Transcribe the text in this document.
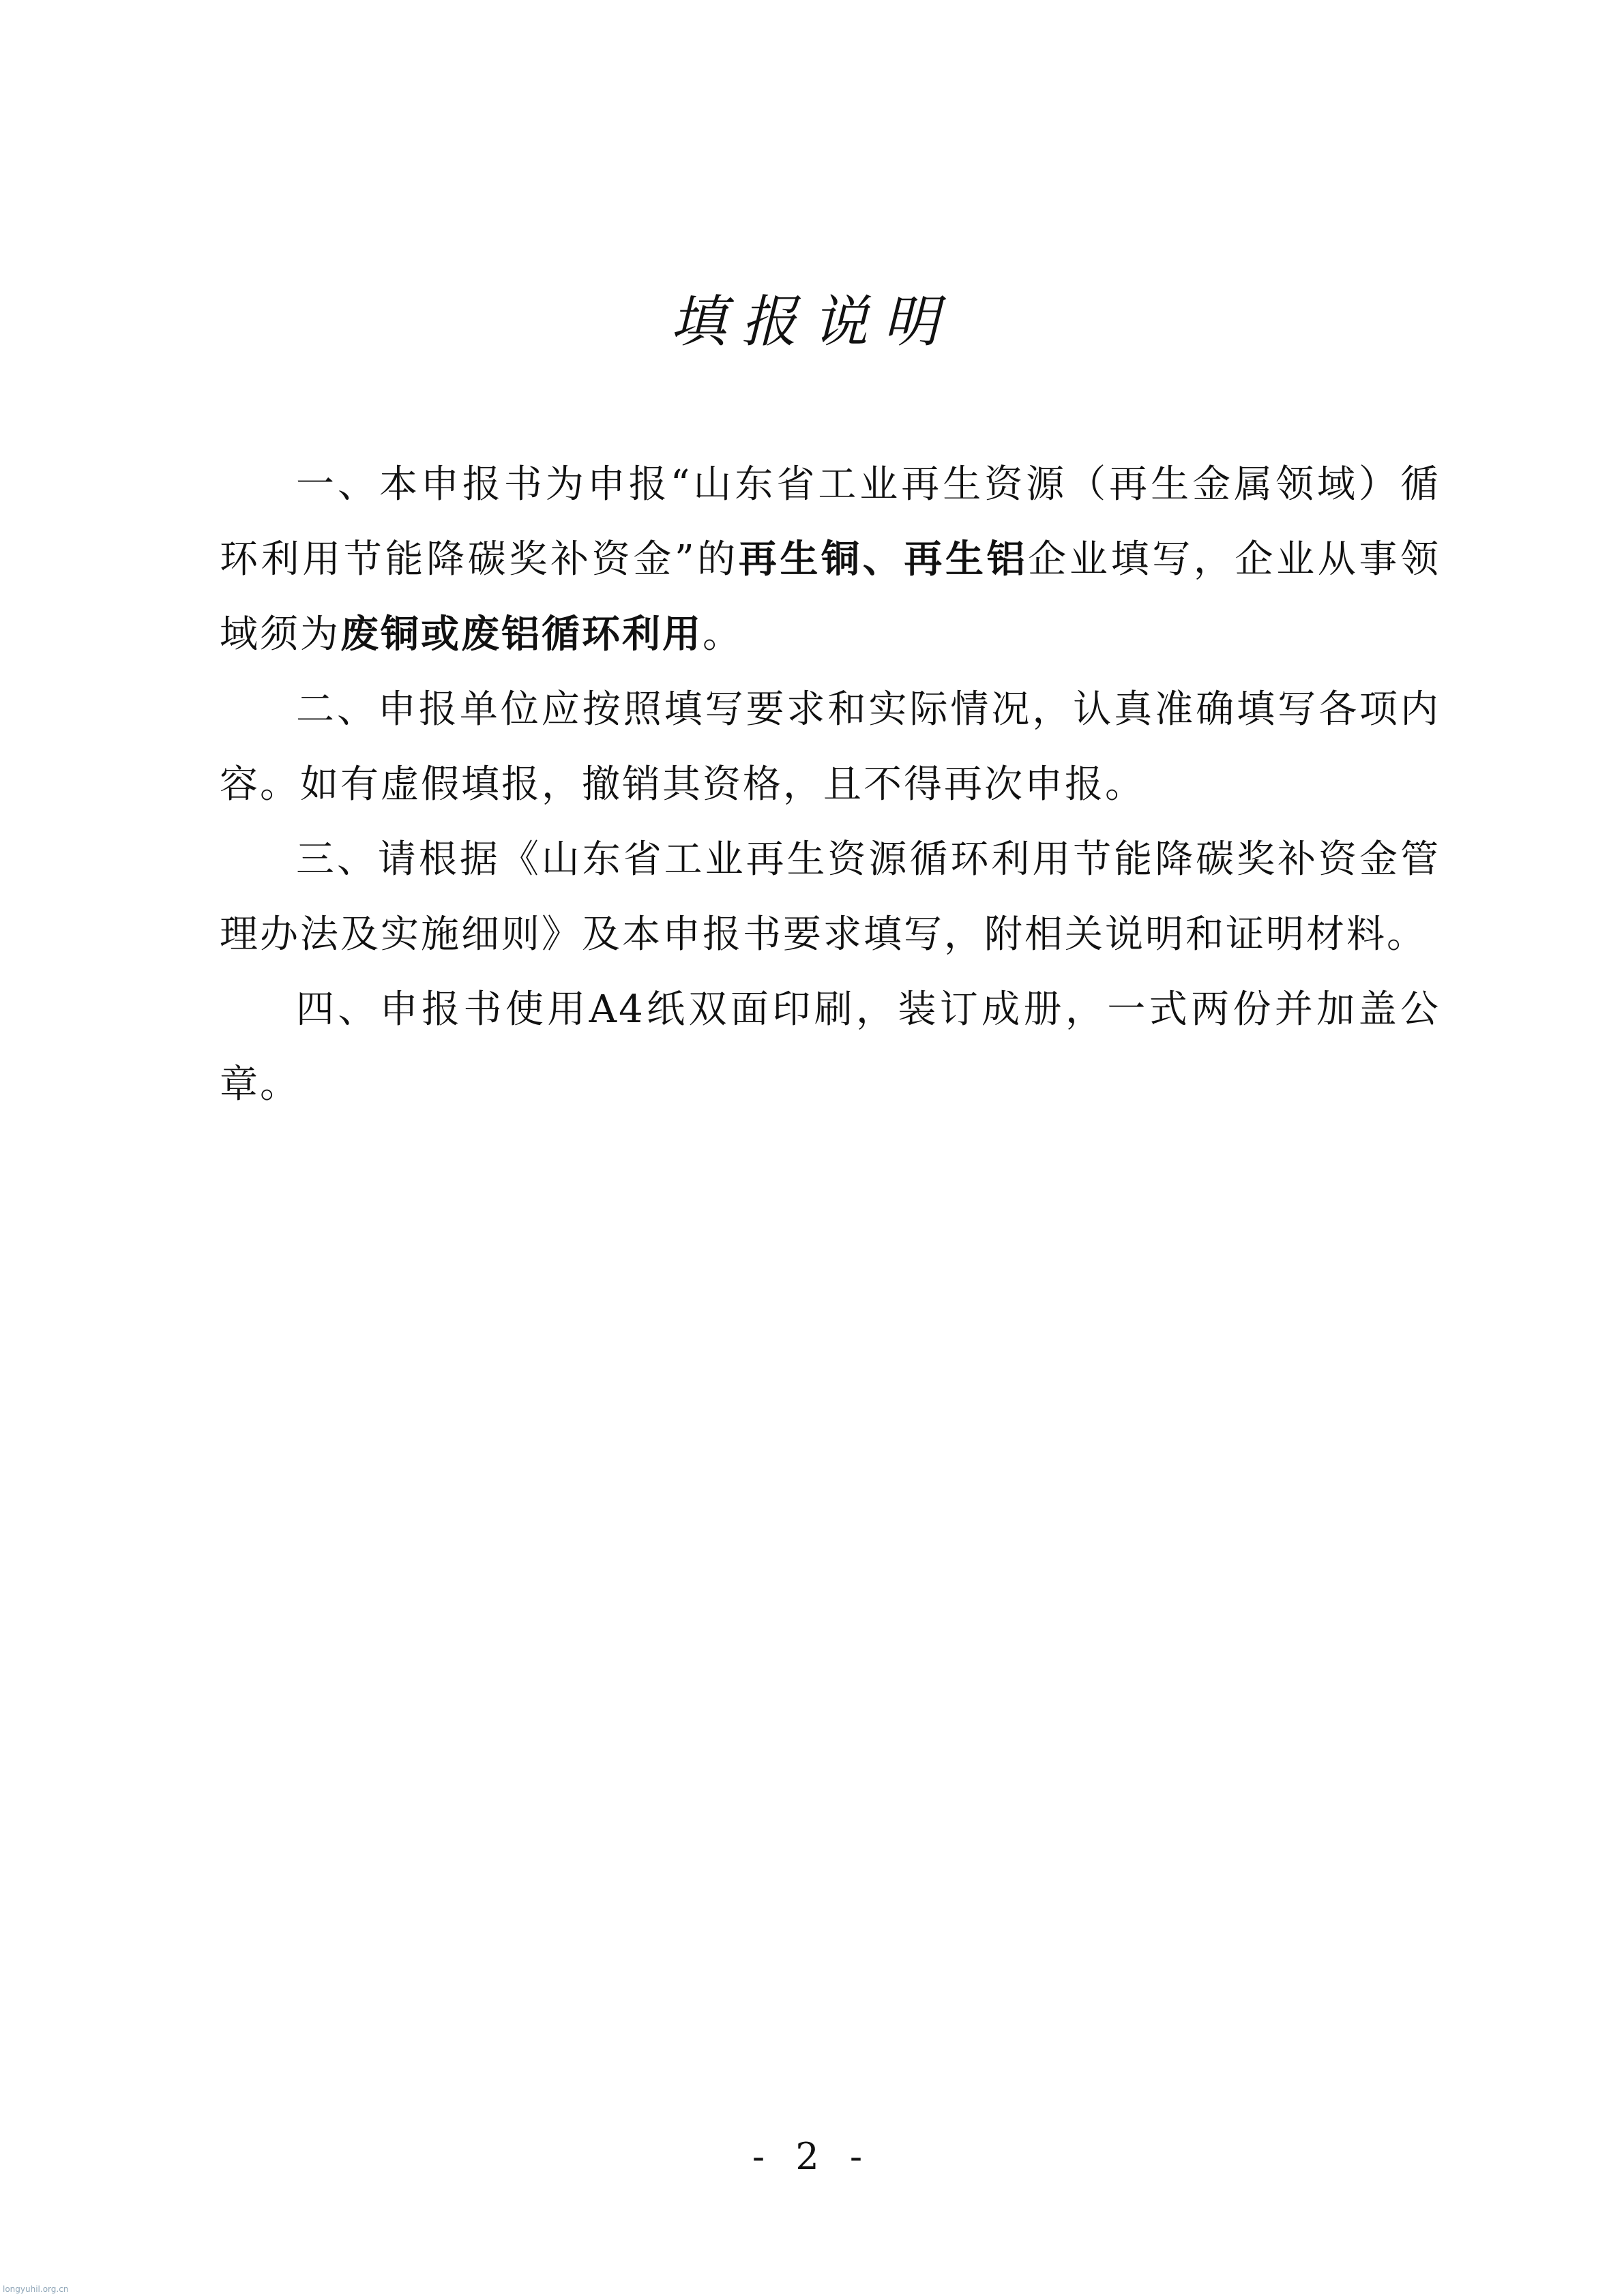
填报说明

一、本申报书为申报“山东省工业再生资源（再生金属领域）循环利用节能降碳奖补资金”的再生铜、再生铝企业填写，企业从事领域须为废铜或废铝循环利用。

二、申报单位应按照填写要求和实际情况，认真准确填写各项内容。如有虚假填报，撤销其资格，且不得再次申报。

三、请根据《山东省工业再生资源循环利用节能降碳奖补资金管理办法及实施细则》及本申报书要求填写，附相关说明和证明材料。

四、申报书使用A4纸双面印刷，装订成册，一式两份并加盖公章。

- 2 -
longyuhil.org.cn
